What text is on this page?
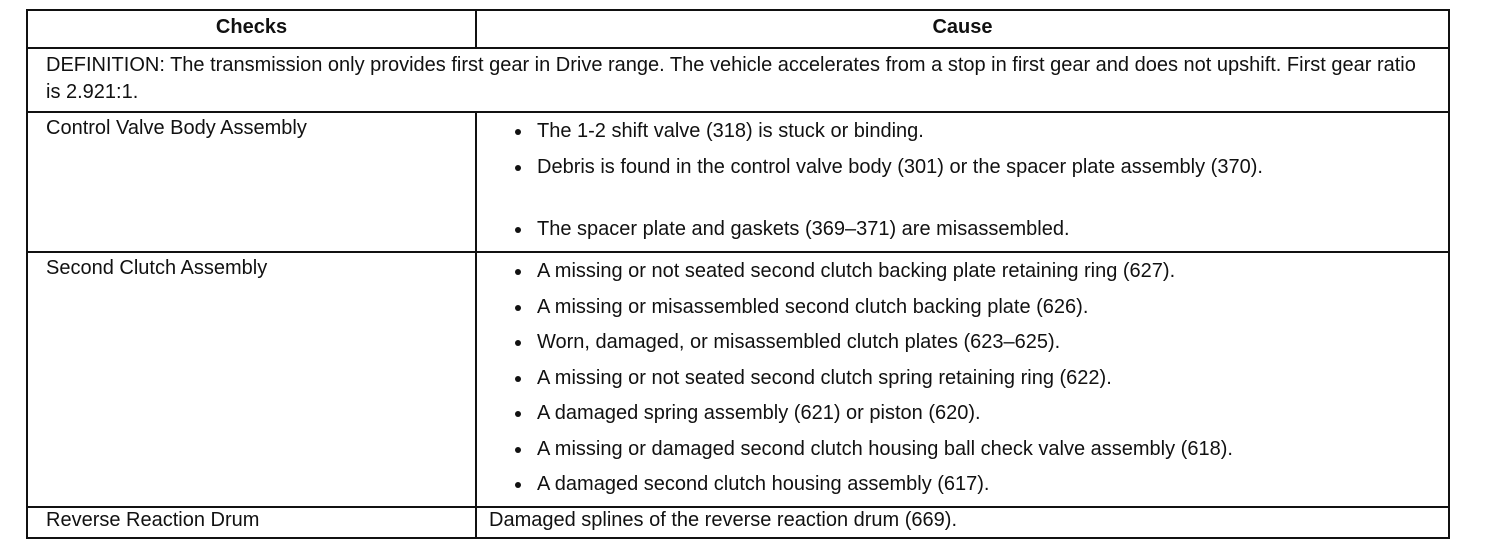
Checks	Cause
DEFINITION: The transmission only provides first gear in Drive range. The vehicle accelerates from a stop in first gear and does not upshift. First gear ratio is 2.921:1.
Control Valve Body Assembly	The 1-2 shift valve (318) is stuck or binding.
Debris is found in the control valve body (301) or the spacer plate assembly (370).
The spacer plate and gaskets (369–371) are misassembled.
Second Clutch Assembly	A missing or not seated second clutch backing plate retaining ring (627).
A missing or misassembled second clutch backing plate (626).
Worn, damaged, or misassembled clutch plates (623–625).
A missing or not seated second clutch spring retaining ring (622).
A damaged spring assembly (621) or piston (620).
A missing or damaged second clutch housing ball check valve assembly (618).
A damaged second clutch housing assembly (617).
Reverse Reaction Drum	Damaged splines of the reverse reaction drum (669).
